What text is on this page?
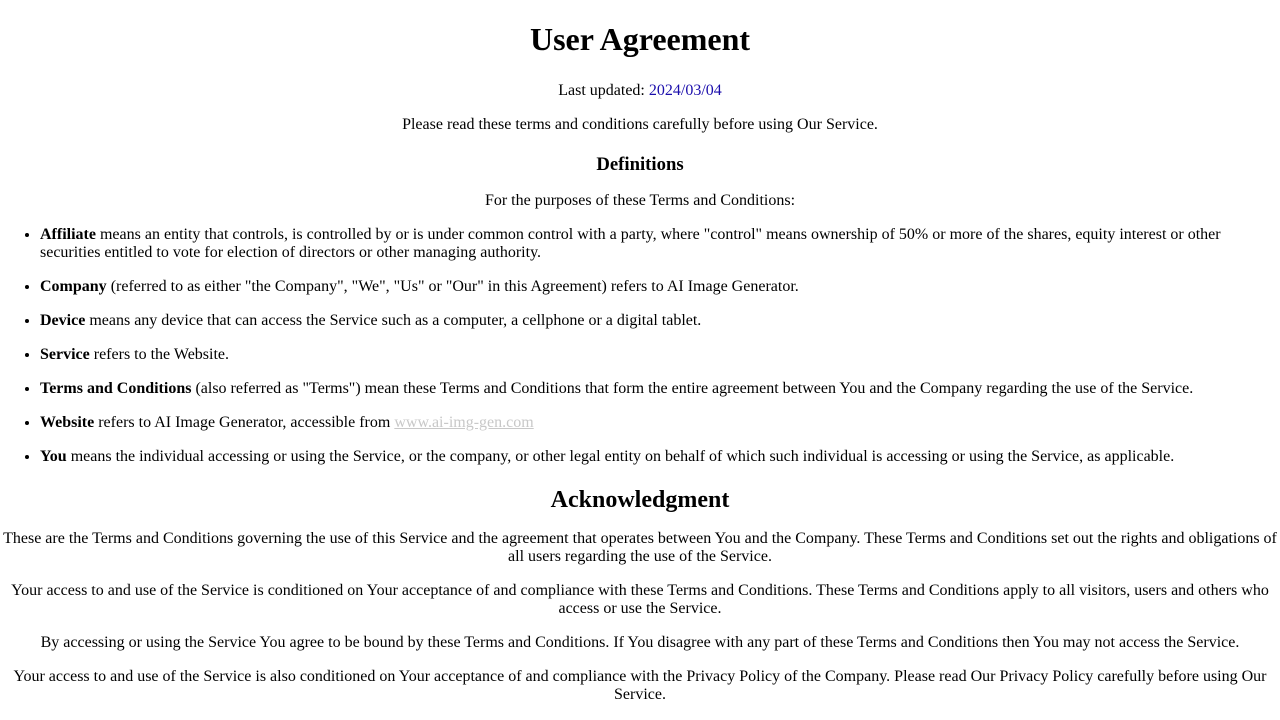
User Agreement

Last updated: 2024/03/04

Please read these terms and conditions carefully before using Our Service.

Definitions

For the purposes of these Terms and Conditions:

• Affiliate means an entity that controls, is controlled by or is under common control with a party, where "control" means ownership of 50% or more of the shares, equity interest or other securities entitled to vote for election of directors or other managing authority.
• Company (referred to as either "the Company", "We", "Us" or "Our" in this Agreement) refers to AI Image Generator.
• Device means any device that can access the Service such as a computer, a cellphone or a digital tablet.
• Service refers to the Website.
• Terms and Conditions (also referred as "Terms") mean these Terms and Conditions that form the entire agreement between You and the Company regarding the use of the Service.
• Website refers to AI Image Generator, accessible from www.ai-img-gen.com
• You means the individual accessing or using the Service, or the company, or other legal entity on behalf of which such individual is accessing or using the Service, as applicable.
Acknowledgment

These are the Terms and Conditions governing the use of this Service and the agreement that operates between You and the Company. These Terms and Conditions set out the rights and obligations of all users regarding the use of the Service.

Your access to and use of the Service is conditioned on Your acceptance of and compliance with these Terms and Conditions. These Terms and Conditions apply to all visitors, users and others who access or use the Service.

By accessing or using the Service You agree to be bound by these Terms and Conditions. If You disagree with any part of these Terms and Conditions then You may not access the Service.

Your access to and use of the Service is also conditioned on Your acceptance of and compliance with the Privacy Policy of the Company. Please read Our Privacy Policy carefully before using Our Service.
